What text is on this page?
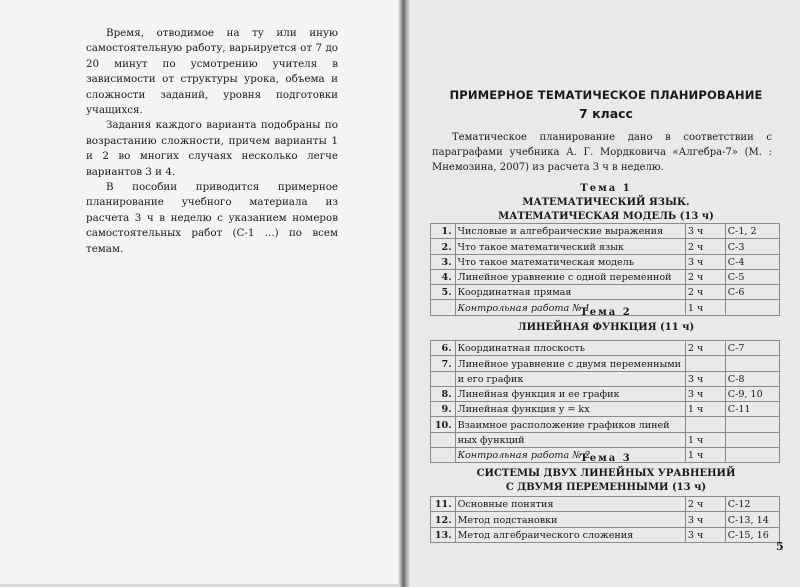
Время, отводимое на ту или иную самостоятельную работу, варьируется от 7 до 20 минут по усмотрению учителя в зависимости от структуры урока, объема и сложности заданий, уровня подготовки учащихся.

Задания каждого варианта подобраны по возрастанию сложности, причем варианты 1 и 2 во многих случаях несколько легче вариантов 3 и 4.

В пособии приводится примерное планирование учебного материала из расчета 3 ч в неделю с указанием номеров самостоятельных работ (С-1 ...) по всем темам.

ПРИМЕРНОЕ ТЕМАТИЧЕСКОЕ ПЛАНИРОВАНИЕ
7 класс

Тематическое планирование дано в соответствии с параграфами учебника А. Г. Мордковича «Алгебра-7» (М. : Мнемозина, 2007) из расчета 3 ч в неделю.

Тема 1
МАТЕМАТИЧЕСКИЙ ЯЗЫК.
МАТЕМАТИЧЕСКАЯ МОДЕЛЬ (13 ч)
1.	Числовые и алгебраические выражения	3 ч	С-1, 2
2.	Что такое математический язык	2 ч	С-3
3.	Что такое математическая модель	3 ч	С-4
4.	Линейное уравнение с одной переменной	2 ч	С-5
5.	Координатная прямая	2 ч	С-6
	Контрольная работа № 1	1 ч	
Тема 2
ЛИНЕЙНАЯ ФУНКЦИЯ (11 ч)
6.	Координатная плоскость	2 ч	С-7
7.	Линейное уравнение с двумя переменными		
	и его график	3 ч	С-8
8.	Линейная функция и ее график	3 ч	С-9, 10
9.	Линейная функция y = kx	1 ч	С-11
10.	Взаимное расположение графиков линей		
	ных функций	1 ч	
	Контрольная работа № 2	1 ч	
Тема 3
СИСТЕМЫ ДВУХ ЛИНЕЙНЫХ УРАВНЕНИЙ
С ДВУМЯ ПЕРЕМЕННЫМИ (13 ч)
11.	Основные понятия	2 ч	С-12
12.	Метод подстановки	3 ч	С-13, 14
13.	Метод алгебраического сложения	3 ч	С-15, 16
5
